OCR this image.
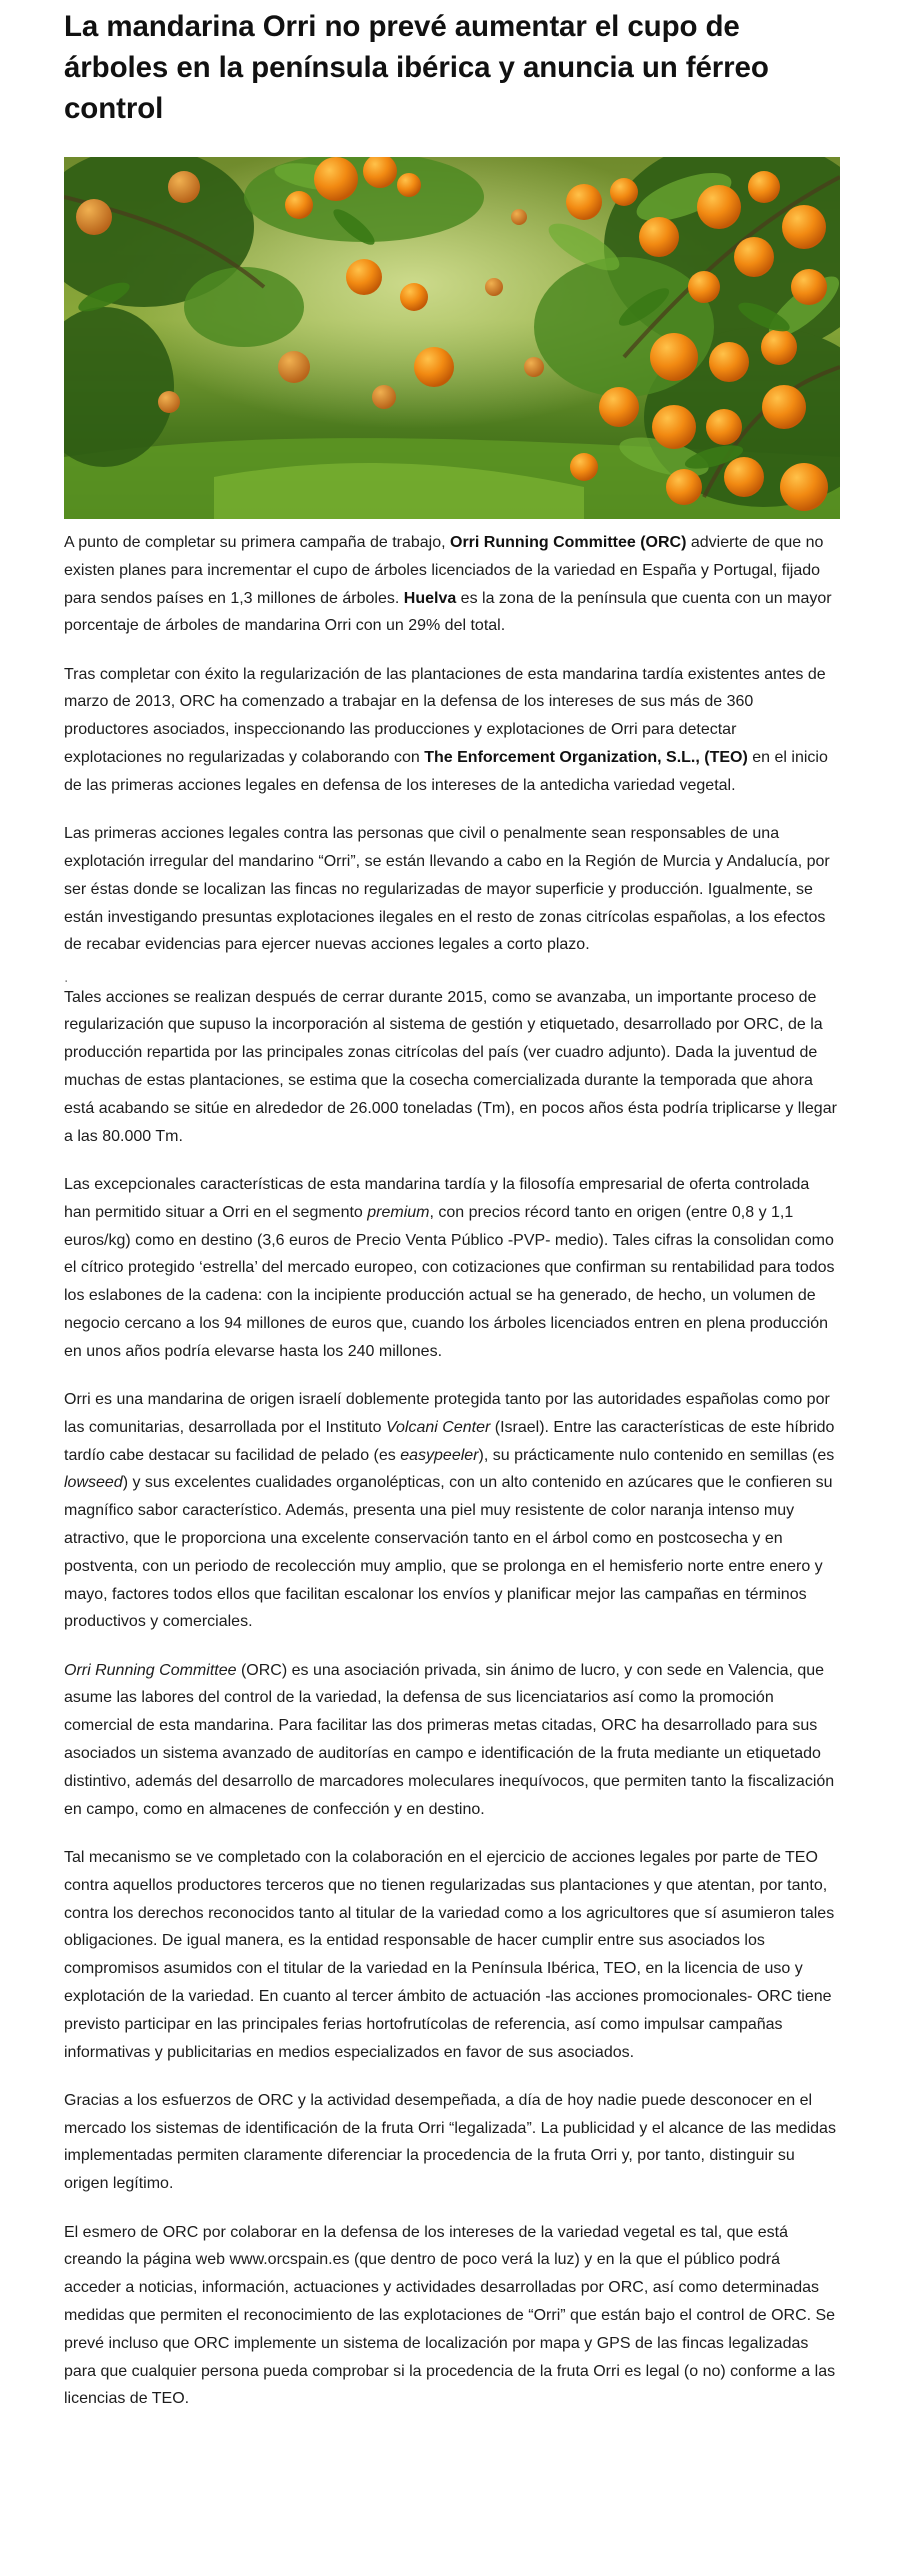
La mandarina Orri no prevé aumentar el cupo de árboles en la península ibérica y anuncia un férreo control

A punto de completar su primera campaña de trabajo, Orri Running Committee (ORC) advierte de que no existen planes para incrementar el cupo de árboles licenciados de la variedad en España y Portugal, fijado para sendos países en 1,3 millones de árboles. Huelva es la zona de la península que cuenta con un mayor porcentaje de árboles de mandarina Orri con un 29% del total.

Tras completar con éxito la regularización de las plantaciones de esta mandarina tardía existentes antes de marzo de 2013, ORC ha comenzado a trabajar en la defensa de los intereses de sus más de 360 productores asociados, inspeccionando las producciones y explotaciones de Orri para detectar explotaciones no regularizadas y colaborando con The Enforcement Organization, S.L., (TEO) en el inicio de las primeras acciones legales en defensa de los intereses de la antedicha variedad vegetal.

Las primeras acciones legales contra las personas que civil o penalmente sean responsables de una explotación irregular del mandarino “Orri”, se están llevando a cabo en la Región de Murcia y Andalucía, por ser éstas donde se localizan las fincas no regularizadas de mayor superficie y producción. Igualmente, se están investigando presuntas explotaciones ilegales en el resto de zonas citrícolas españolas, a los efectos de recabar evidencias para ejercer nuevas acciones legales a corto plazo.

.

Tales acciones se realizan después de cerrar durante 2015, como se avanzaba, un importante proceso de regularización que supuso la incorporación al sistema de gestión y etiquetado, desarrollado por ORC, de la producción repartida por las principales zonas citrícolas del país (ver cuadro adjunto). Dada la juventud de muchas de estas plantaciones, se estima que la cosecha comercializada durante la temporada que ahora está acabando se sitúe en alrededor de 26.000 toneladas (Tm), en pocos años ésta podría triplicarse y llegar a las 80.000 Tm.

Las excepcionales características de esta mandarina tardía y la filosofía empresarial de oferta controlada han permitido situar a Orri en el segmento premium, con precios récord tanto en origen (entre 0,8 y 1,1 euros/kg) como en destino (3,6 euros de Precio Venta Público -PVP- medio). Tales cifras la consolidan como el cítrico protegido ‘estrella’ del mercado europeo, con cotizaciones que confirman su rentabilidad para todos los eslabones de la cadena: con la incipiente producción actual se ha generado, de hecho, un volumen de negocio cercano a los 94 millones de euros que, cuando los árboles licenciados entren en plena producción en unos años podría elevarse hasta los 240 millones.

Orri es una mandarina de origen israelí doblemente protegida tanto por las autoridades españolas como por las comunitarias, desarrollada por el Instituto Volcani Center (Israel). Entre las características de este híbrido tardío cabe destacar su facilidad de pelado (es easypeeler), su prácticamente nulo contenido en semillas (es lowseed) y sus excelentes cualidades organolépticas, con un alto contenido en azúcares que le confieren su magnífico sabor característico. Además, presenta una piel muy resistente de color naranja intenso muy atractivo, que le proporciona una excelente conservación tanto en el árbol como en postcosecha y en postventa, con un periodo de recolección muy amplio, que se prolonga en el hemisferio norte entre enero y mayo, factores todos ellos que facilitan escalonar los envíos y planificar mejor las campañas en términos productivos y comerciales.

Orri Running Committee (ORC) es una asociación privada, sin ánimo de lucro, y con sede en Valencia, que asume las labores del control de la variedad, la defensa de sus licenciatarios así como la promoción comercial de esta mandarina. Para facilitar las dos primeras metas citadas, ORC ha desarrollado para sus asociados un sistema avanzado de auditorías en campo e identificación de la fruta mediante un etiquetado distintivo, además del desarrollo de marcadores moleculares inequívocos, que permiten tanto la fiscalización en campo, como en almacenes de confección y en destino.

Tal mecanismo se ve completado con la colaboración en el ejercicio de acciones legales por parte de TEO contra aquellos productores terceros que no tienen regularizadas sus plantaciones y que atentan, por tanto, contra los derechos reconocidos tanto al titular de la variedad como a los agricultores que sí asumieron tales obligaciones. De igual manera, es la entidad responsable de hacer cumplir entre sus asociados los compromisos asumidos con el titular de la variedad en la Península Ibérica, TEO, en la licencia de uso y explotación de la variedad. En cuanto al tercer ámbito de actuación -las acciones promocionales- ORC tiene previsto participar en las principales ferias hortofrutícolas de referencia, así como impulsar campañas informativas y publicitarias en medios especializados en favor de sus asociados.

Gracias a los esfuerzos de ORC y la actividad desempeñada, a día de hoy nadie puede desconocer en el mercado los sistemas de identificación de la fruta Orri “legalizada”. La publicidad y el alcance de las medidas implementadas permiten claramente diferenciar la procedencia de la fruta Orri y, por tanto, distinguir su origen legítimo.

El esmero de ORC por colaborar en la defensa de los intereses de la variedad vegetal es tal, que está creando la página web www.orcspain.es (que dentro de poco verá la luz) y en la que el público podrá acceder a noticias, información, actuaciones y actividades desarrolladas por ORC, así como determinadas medidas que permiten el reconocimiento de las explotaciones de “Orri” que están bajo el control de ORC. Se prevé incluso que ORC implemente un sistema de localización por mapa y GPS de las fincas legalizadas para que cualquier persona pueda comprobar si la procedencia de la fruta Orri es legal (o no) conforme a las licencias de TEO.
